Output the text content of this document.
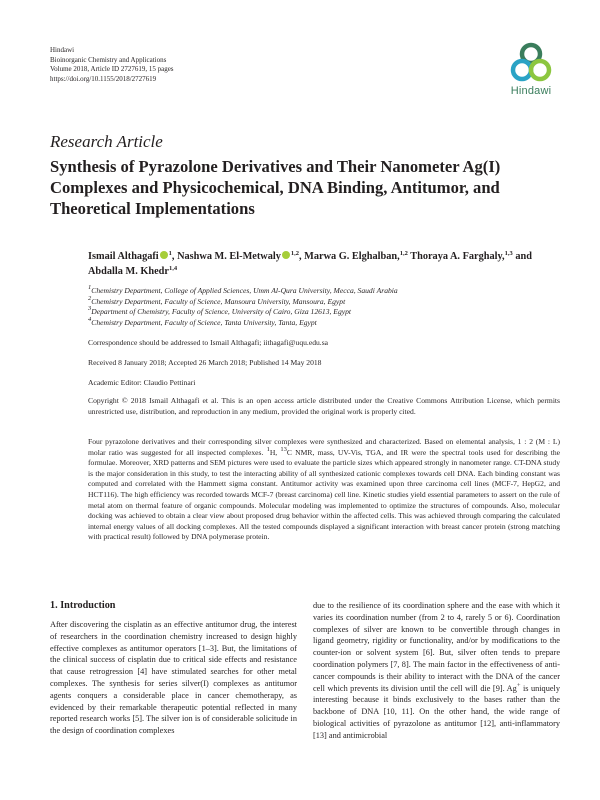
Hindawi
Bioinorganic Chemistry and Applications
Volume 2018, Article ID 2727619, 15 pages
https://doi.org/10.1155/2018/2727619
Hindawi
Research Article
Synthesis of Pyrazolone Derivatives and Their Nanometer Ag(I) Complexes and Physicochemical, DNA Binding, Antitumor, and Theoretical Implementations
Ismail Althagafi $^1$, Nashwa M. El-Metwaly $^{1,2}$, Marwa G. Elghalban,$^{1,2}$ Thoraya A. Farghaly,$^{1,3}$ and Abdalla M. Khedr$^{1,4}$
$^1$Chemistry Department, College of Applied Sciences, Umm Al-Qura University, Mecca, Saudi Arabia
$^2$Chemistry Department, Faculty of Science, Mansoura University, Mansoura, Egypt
$^3$Department of Chemistry, Faculty of Science, University of Cairo, Giza 12613, Egypt
$^4$Chemistry Department, Faculty of Science, Tanta University, Tanta, Egypt
Correspondence should be addressed to Ismail Althagafi; iithagafi@uqu.edu.sa
Received 8 January 2018; Accepted 26 March 2018; Published 14 May 2018
Academic Editor: Claudio Pettinari
Copyright © 2018 Ismail Althagafi et al. This is an open access article distributed under the Creative Commons Attribution License, which permits unrestricted use, distribution, and reproduction in any medium, provided the original work is properly cited.
Four pyrazolone derivatives and their corresponding silver complexes were synthesized and characterized. Based on elemental analysis, 1 : 2 (M : L) molar ratio was suggested for all inspected complexes. $^1$H, $^{13}$C NMR, mass, UV-Vis, TGA, and IR were the spectral tools used for describing the formulae. Moreover, XRD patterns and SEM pictures were used to evaluate the particle sizes which appeared strongly in nanometer range. CT-DNA study is the major consideration in this study, to test the interacting ability of all synthesized cationic complexes towards cell DNA. Each binding constant was computed and correlated with the Hammett sigma constant. Antitumor activity was examined upon three carcinoma cell lines (MCF-7, HepG2, and HCT116). The high efficiency was recorded towards MCF-7 (breast carcinoma) cell line. Kinetic studies yield essential parameters to assert on the rule of metal atom on thermal feature of organic compounds. Molecular modeling was implemented to optimize the structures of compounds. Also, molecular docking was achieved to obtain a clear view about proposed drug behavior within the affected cells. This was achieved through comparing the calculated internal energy values of all docking complexes. All the tested compounds displayed a significant interaction with breast cancer protein (strong matching with practical result) followed by DNA polymerase protein.
1. Introduction
After discovering the cisplatin as an effective antitumor drug, the interest of researchers in the coordination chemistry increased to design highly effective complexes as antitumor operators [1–3]. But, the limitations of the clinical success of cisplatin due to critical side effects and resistance that cause retrogression [4] have stimulated searches for other metal complexes. The synthesis for series silver(I) complexes as antitumor agents conquers a considerable place in cancer chemotherapy, as evidenced by their remarkable therapeutic potential reflected in many reported research works [5]. The silver ion is of considerable solicitude in the design of coordination complexes
due to the resilience of its coordination sphere and the ease with which it varies its coordination number (from 2 to 4, rarely 5 or 6). Coordination complexes of silver are known to be convertible through changes in ligand geometry, rigidity or functionality, and/or by modifications to the counter-ion or solvent system [6]. But, silver often tends to prepare coordination polymers [7, 8]. The main factor in the effectiveness of anti-cancer compounds is their ability to interact with the DNA of the cancer cell which prevents its division until the cell will die [9]. Ag+ is uniquely interesting because it binds exclusively to the bases rather than the backbone of DNA [10, 11]. On the other hand, the wide range of biological activities of pyrazolone as antitumor [12], anti-inflammatory [13] and antimicrobial
